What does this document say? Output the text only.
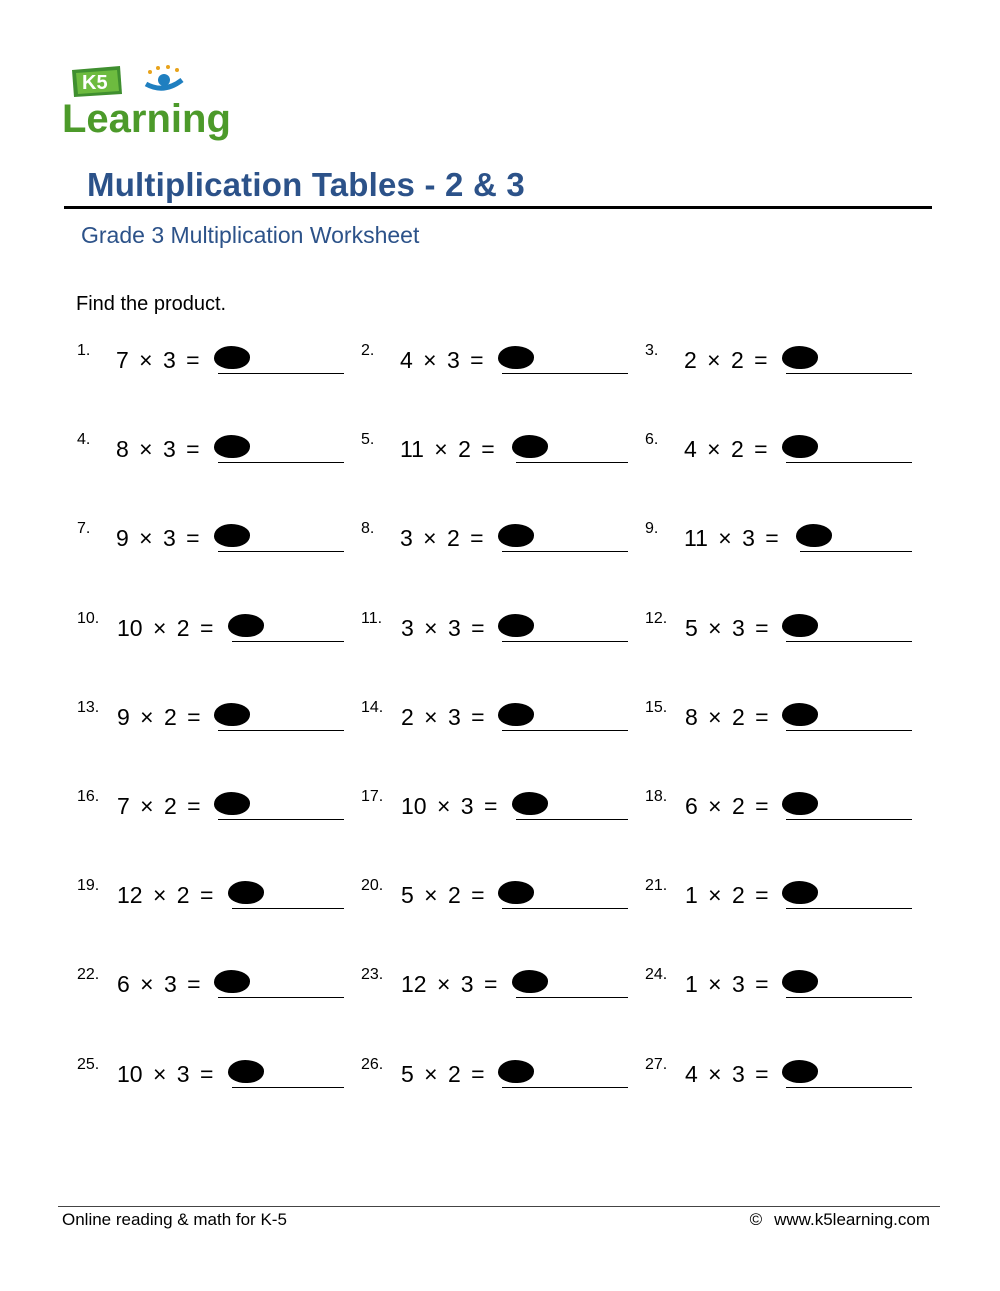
K5
Learning
Multiplication Tables - 2 & 3
Grade 3 Multiplication Worksheet
Find the product.
1. 7 × 3 =	2. 4 × 3 =	3. 2 × 2 =
4. 8 × 3 =	5. 11 × 2 =	6. 4 × 2 =
7. 9 × 3 =	8. 3 × 2 =	9. 11 × 3 =
10. 10 × 2 =	11. 3 × 3 =	12. 5 × 3 =
13. 9 × 2 =	14. 2 × 3 =	15. 8 × 2 =
16. 7 × 2 =	17. 10 × 3 =	18. 6 × 2 =
19. 12 × 2 =	20. 5 × 2 =	21. 1 × 2 =
22. 6 × 3 =	23. 12 × 3 =	24. 1 × 3 =
25. 10 × 3 =	26. 5 × 2 =	27. 4 × 3 =
Online reading & math for K-5	© www.k5learning.com
